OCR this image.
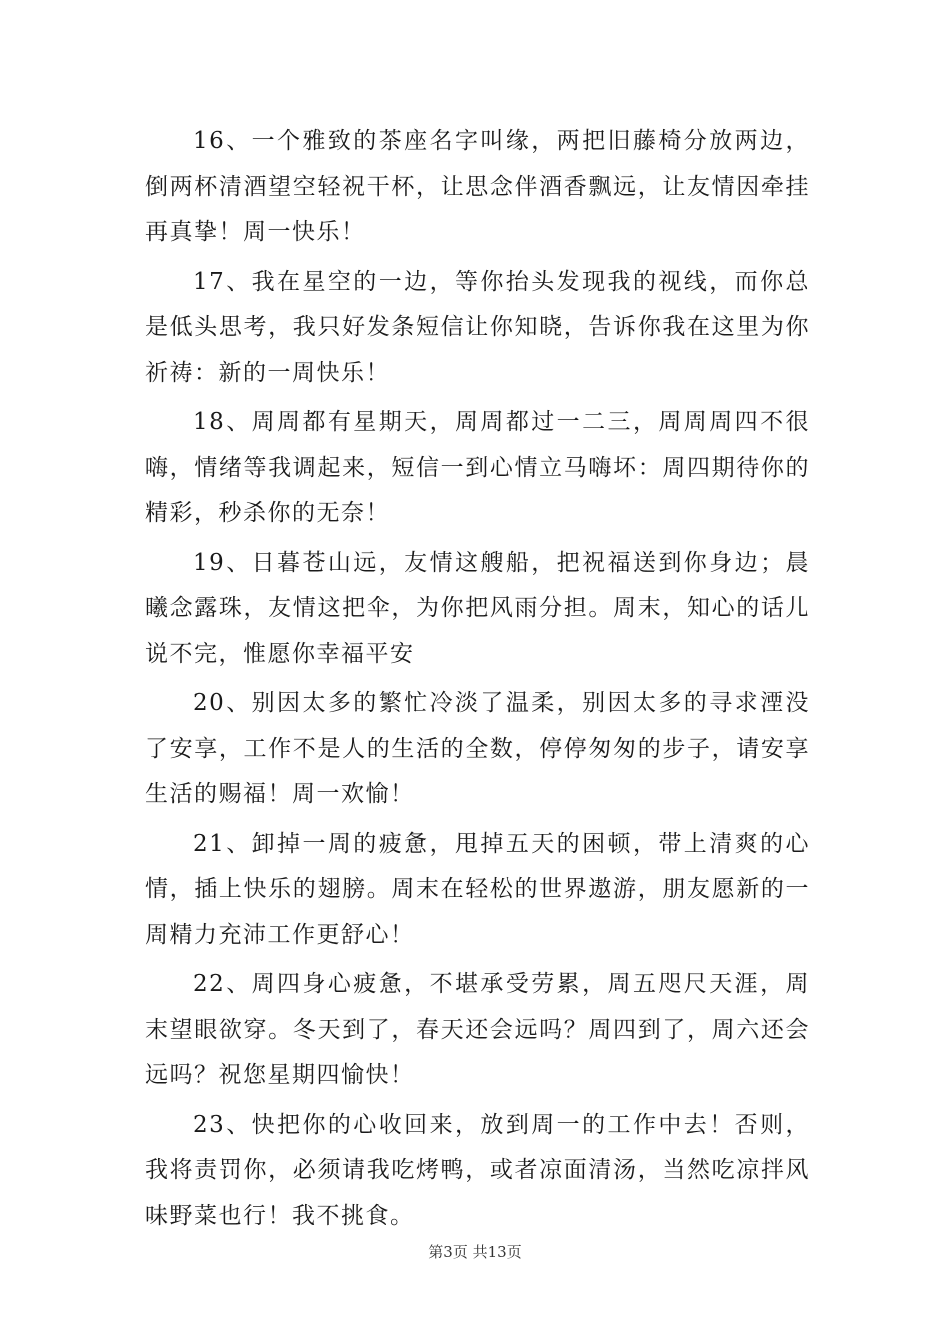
16、一个雅致的茶座名字叫缘，两把旧藤椅分放两边，倒两杯清酒望空轻祝干杯，让思念伴酒香飘远，让友情因牵挂再真挚！周一快乐！

17、我在星空的一边，等你抬头发现我的视线，而你总是低头思考，我只好发条短信让你知晓，告诉你我在这里为你祈祷：新的一周快乐！

18、周周都有星期天，周周都过一二三，周周周四不很嗨，情绪等我调起来，短信一到心情立马嗨坏：周四期待你的精彩，秒杀你的无奈！

19、日暮苍山远，友情这艘船，把祝福送到你身边；晨曦念露珠，友情这把伞，为你把风雨分担。周末，知心的话儿说不完，惟愿你幸福平安

20、别因太多的繁忙冷淡了温柔，别因太多的寻求湮没了安享，工作不是人的生活的全数，停停匆匆的步子，请安享生活的赐福！周一欢愉！

21、卸掉一周的疲惫，甩掉五天的困顿，带上清爽的心情，插上快乐的翅膀。周末在轻松的世界遨游，朋友愿新的一周精力充沛工作更舒心！

22、周四身心疲惫，不堪承受劳累，周五咫尺天涯，周末望眼欲穿。冬天到了，春天还会远吗？周四到了，周六还会远吗？祝您星期四愉快！

23、快把你的心收回来，放到周一的工作中去！否则，我将责罚你，必须请我吃烤鸭，或者凉面清汤，当然吃凉拌风味野菜也行！我不挑食。

第3页 共13页
